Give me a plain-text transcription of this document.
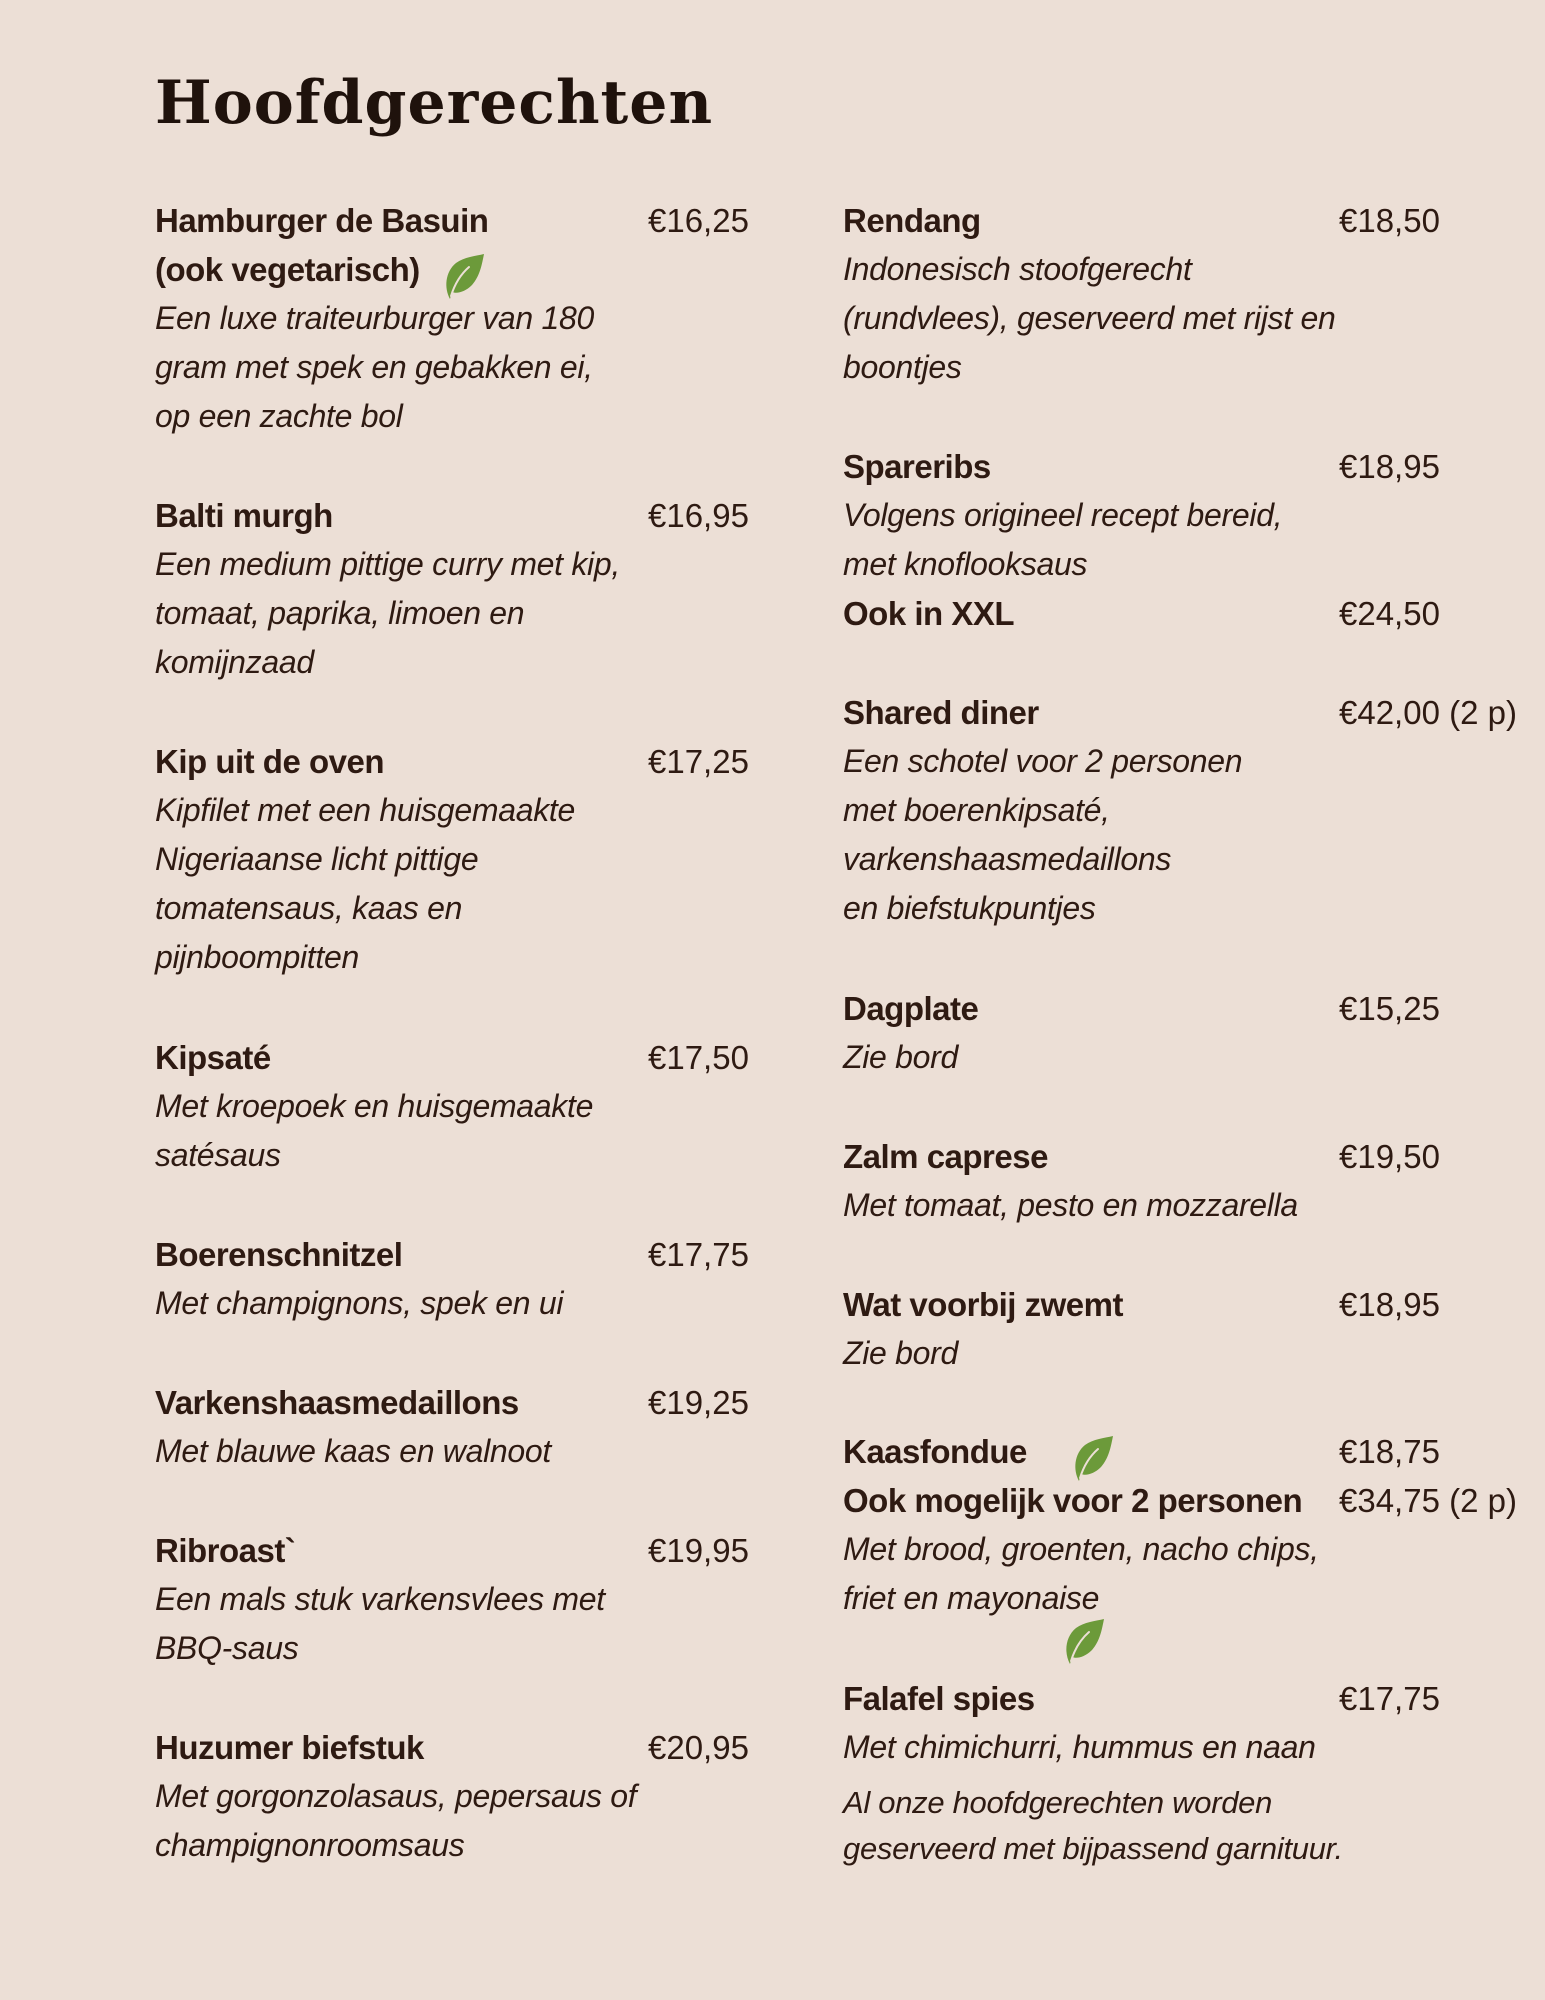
Hoofdgerechten
Hamburger de Basuin	€16,25
(ook vegetarisch)
Een luxe traiteurburger van 180
gram met spek en gebakken ei,
op een zachte bol
Balti murgh	€16,95
Een medium pittige curry met kip,
tomaat, paprika, limoen en
komijnzaad
Kip uit de oven	€17,25
Kipfilet met een huisgemaakte
Nigeriaanse licht pittige
tomatensaus, kaas en
pijnboompitten
Kipsaté	€17,50
Met kroepoek en huisgemaakte
satésaus
Boerenschnitzel	€17,75
Met champignons, spek en ui
Varkenshaasmedaillons	€19,25
Met blauwe kaas en walnoot
Ribroast`	€19,95
Een mals stuk varkensvlees met
BBQ-saus
Huzumer biefstuk	€20,95
Met gorgonzolasaus, pepersaus of
champignonroomsaus
Rendang	€18,50
Indonesisch stoofgerecht
(rundvlees), geserveerd met rijst en
boontjes
Spareribs	€18,95
Volgens origineel recept bereid,
met knoflooksaus
Ook in XXL	€24,50
Shared diner	€42,00 (2 p)
Een schotel voor 2 personen
met boerenkipsaté,
varkenshaasmedaillons
en biefstukpuntjes
Dagplate	€15,25
Zie bord
Zalm caprese	€19,50
Met tomaat, pesto en mozzarella
Wat voorbij zwemt	€18,95
Zie bord
Kaasfondue	€18,75
Ook mogelijk voor 2 personen €34,75 (2 p)
Met brood, groenten, nacho chips,
friet en mayonaise
Falafel spies	€17,75
Met chimichurri, hummus en naan
Al onze hoofdgerechten worden
geserveerd met bijpassend garnituur.
